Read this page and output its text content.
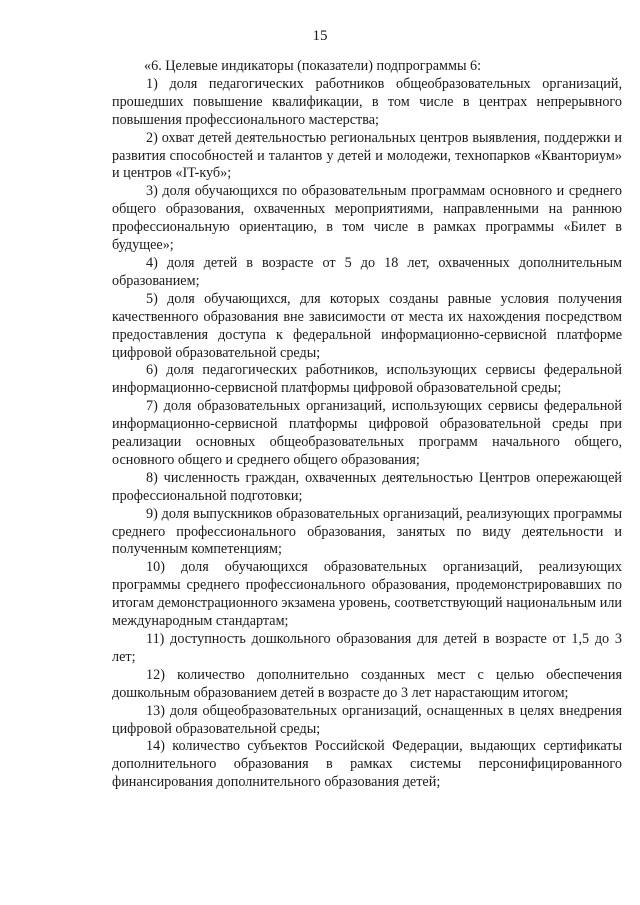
15

«6. Целевые индикаторы (показатели) подпрограммы 6:

1) доля педагогических работников общеобразовательных организаций, прошедших повышение квалификации, в том числе в центрах непрерывного повышения профессионального мастерства;

2) охват детей деятельностью региональных центров выявления, поддержки и развития способностей и талантов у детей и молодежи, технопарков «Кванториум» и центров «IT-куб»;

3) доля обучающихся по образовательным программам основного и среднего общего образования, охваченных мероприятиями, направленными на раннюю профессиональную ориентацию, в том числе в рамках программы «Билет в будущее»;

4) доля детей в возрасте от 5 до 18 лет, охваченных дополнительным образованием;

5) доля обучающихся, для которых созданы равные условия получения качественного образования вне зависимости от места их нахождения посредством предоставления доступа к федеральной информационно-сервисной платформе цифровой образовательной среды;

6) доля педагогических работников, использующих сервисы федеральной информационно-сервисной платформы цифровой образовательной среды;

7) доля образовательных организаций, использующих сервисы федеральной информационно-сервисной платформы цифровой образовательной среды при реализации основных общеобразовательных программ начального общего, основного общего и среднего общего образования;

8) численность граждан, охваченных деятельностью Центров опережающей профессиональной подготовки;

9) доля выпускников образовательных организаций, реализующих программы среднего профессионального образования, занятых по виду деятельности и полученным компетенциям;

10) доля обучающихся образовательных организаций, реализующих программы среднего профессионального образования, продемонстрировавших по итогам демонстрационного экзамена уровень, соответствующий национальным или международным стандартам;

11) доступность дошкольного образования для детей в возрасте от 1,5 до 3 лет;

12) количество дополнительно созданных мест с целью обеспечения дошкольным образованием детей в возрасте до 3 лет нарастающим итогом;

13) доля общеобразовательных организаций, оснащенных в целях внедрения цифровой образовательной среды;

14) количество субъектов Российской Федерации, выдающих сертификаты дополнительного образования в рамках системы персонифицированного финансирования дополнительного образования детей;
